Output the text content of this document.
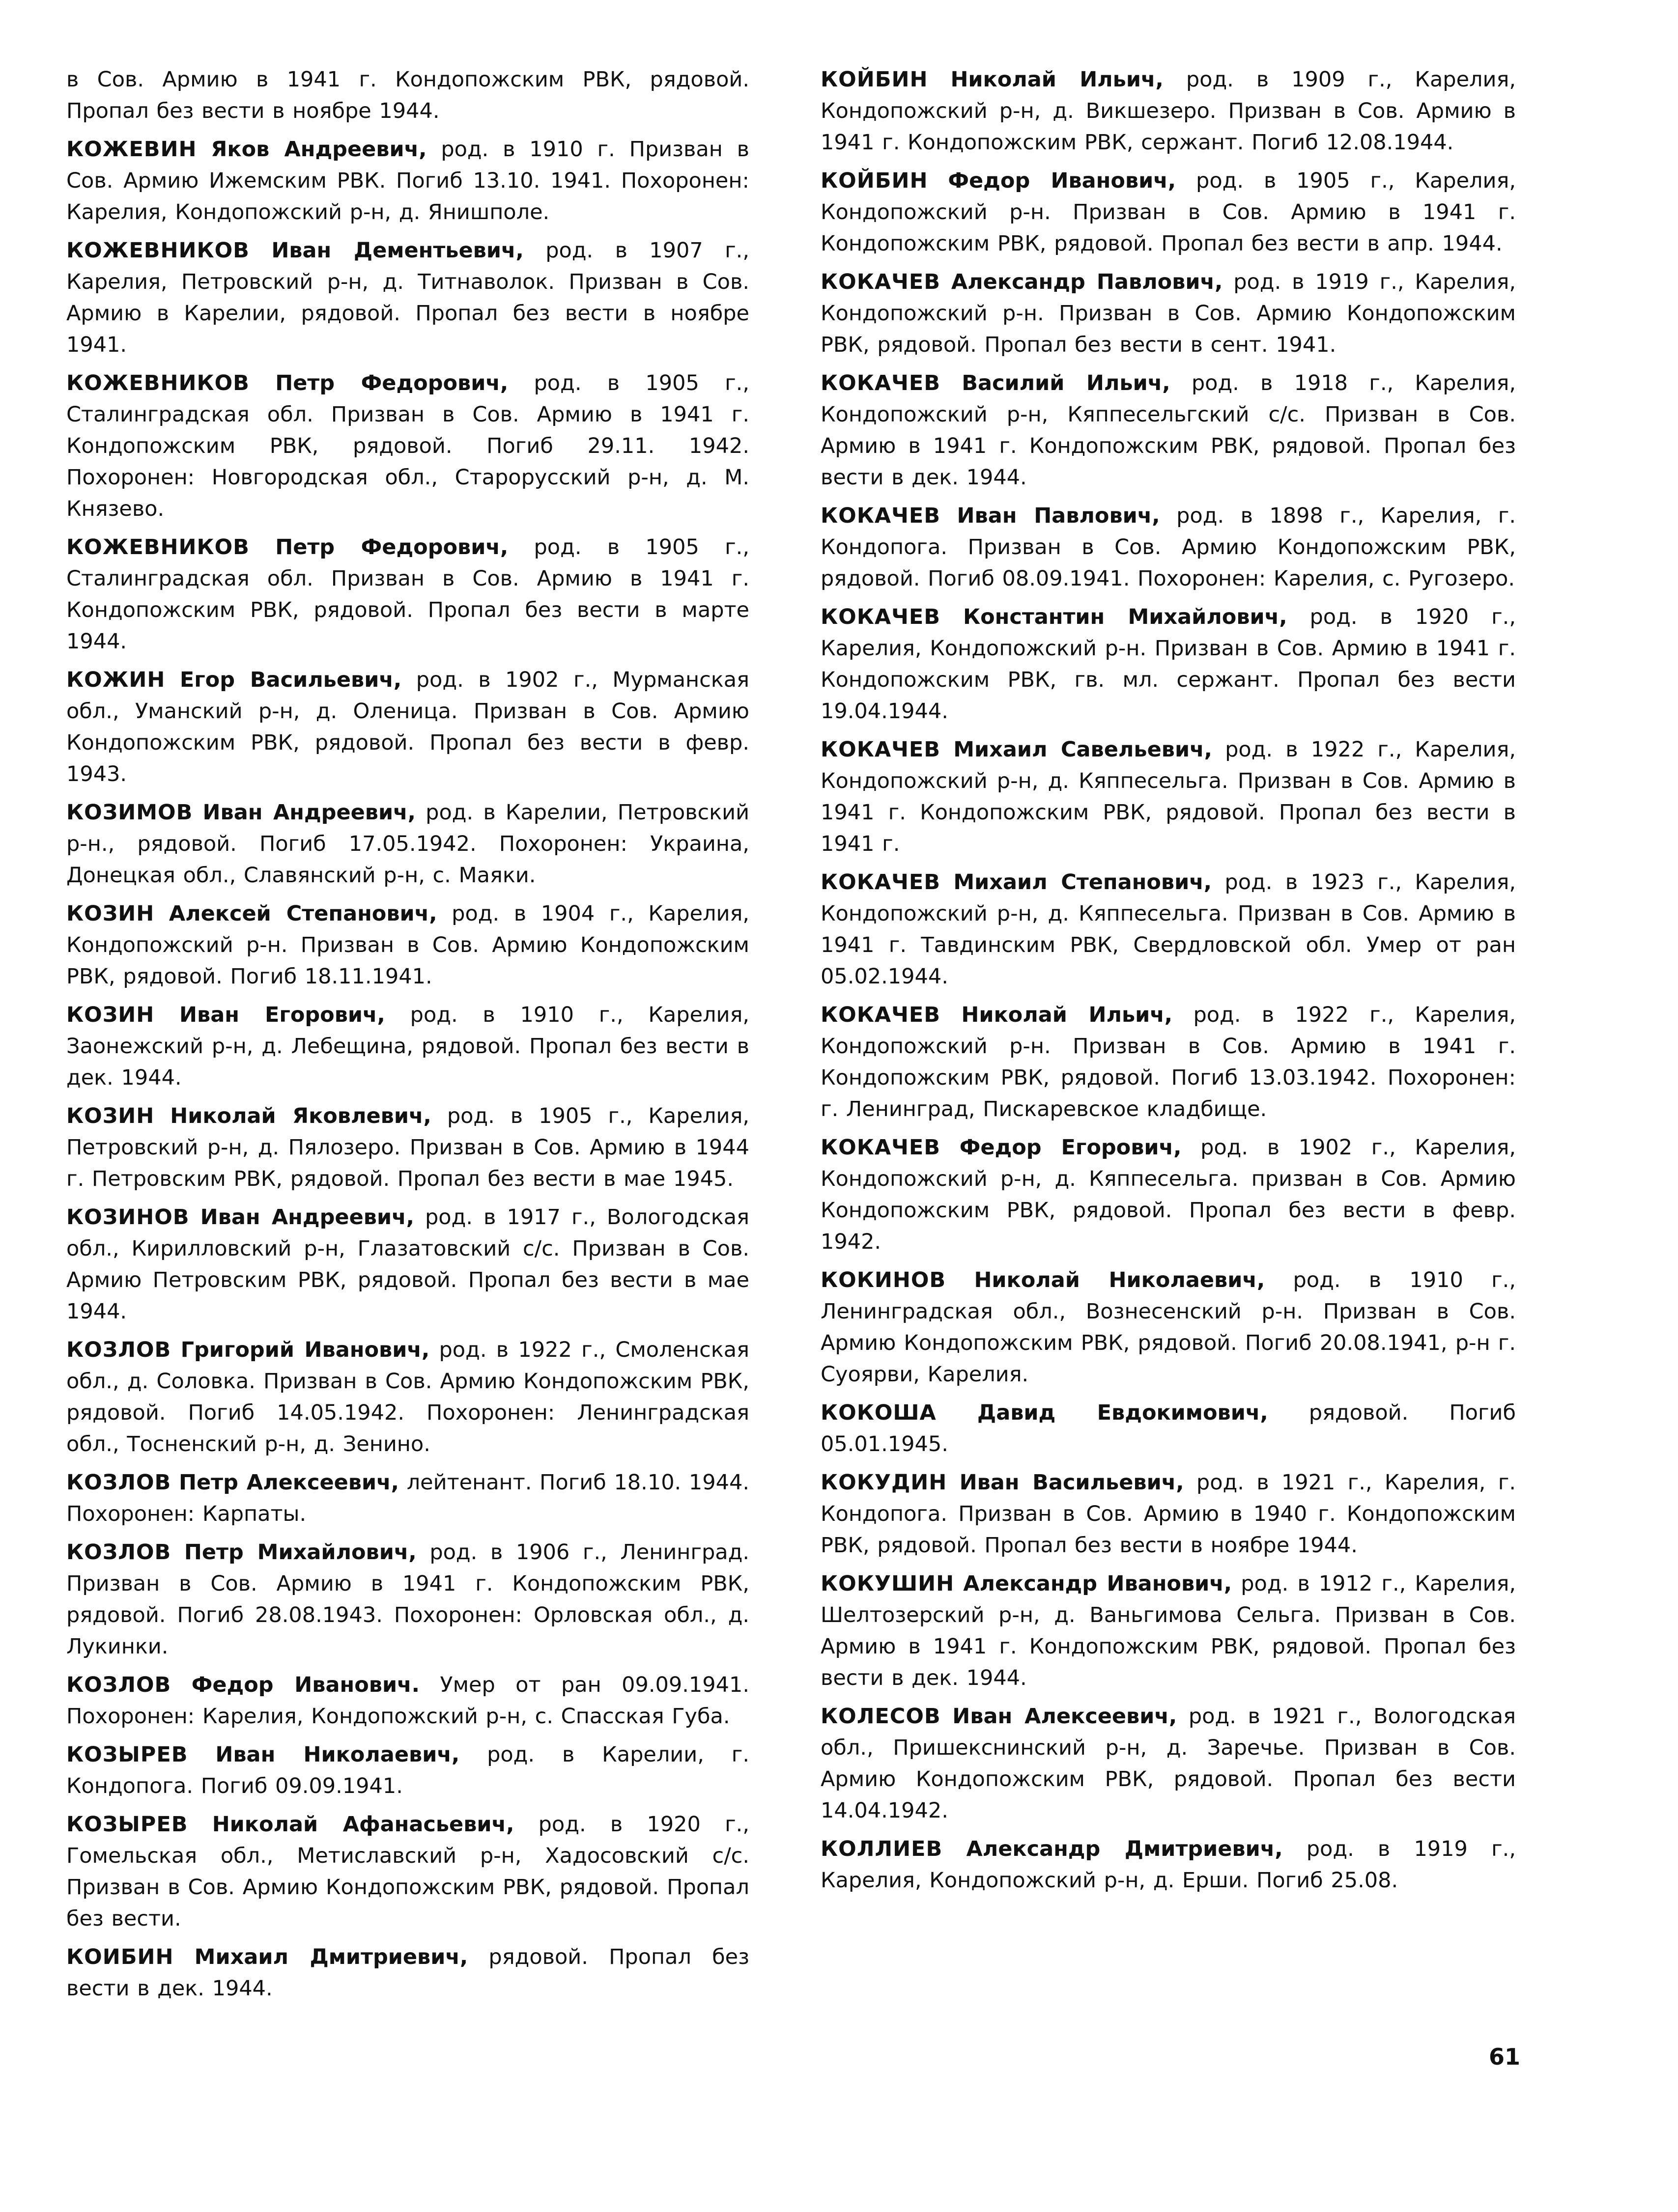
в Сов. Армию в 1941 г. Кондопожским РВК, рядовой. Пропал без вести в ноябре 1944.

КОЖЕВИН Яков Андреевич, род. в 1910 г. Призван в Сов. Армию Ижемским РВК. Погиб 13.10. 1941. Похоронен: Карелия, Кондопожский р-н, д. Янишполе.

КОЖЕВНИКОВ Иван Дементьевич, род. в 1907 г., Карелия, Петровский р-н, д. Титнаволок. Призван в Сов. Армию в Карелии, рядовой. Пропал без вести в ноябре 1941.

КОЖЕВНИКОВ Петр Федорович, род. в 1905 г., Сталинградская обл. Призван в Сов. Армию в 1941 г. Кондопожским РВК, рядовой. Погиб 29.11. 1942. Похоронен: Новгородская обл., Старорусский р-н, д. М. Князево.

КОЖЕВНИКОВ Петр Федорович, род. в 1905 г., Сталинградская обл. Призван в Сов. Армию в 1941 г. Кондопожским РВК, рядовой. Пропал без вести в марте 1944.

КОЖИН Егор Васильевич, род. в 1902 г., Мурманская обл., Уманский р-н, д. Оленица. Призван в Сов. Армию Кондопожским РВК, рядовой. Пропал без вести в февр. 1943.

КОЗИМОВ Иван Андреевич, род. в Карелии, Петровский р-н., рядовой. Погиб 17.05.1942. Похоронен: Украина, Донецкая обл., Славянский р-н, с. Маяки.

КОЗИН Алексей Степанович, род. в 1904 г., Карелия, Кондопожский р-н. Призван в Сов. Армию Кондопожским РВК, рядовой. Погиб 18.11.1941.

КОЗИН Иван Егорович, род. в 1910 г., Карелия, Заонежский р-н, д. Лебещина, рядовой. Пропал без вести в дек. 1944.

КОЗИН Николай Яковлевич, род. в 1905 г., Карелия, Петровский р-н, д. Пялозеро. Призван в Сов. Армию в 1944 г. Петровским РВК, рядовой. Пропал без вести в мае 1945.

КОЗИНОВ Иван Андреевич, род. в 1917 г., Вологодская обл., Кирилловский р-н, Глазатовский с/с. Призван в Сов. Армию Петровским РВК, рядовой. Пропал без вести в мае 1944.

КОЗЛОВ Григорий Иванович, род. в 1922 г., Смоленская обл., д. Соловка. Призван в Сов. Армию Кондопожским РВК, рядовой. Погиб 14.05.1942. Похоронен: Ленинградская обл., Тосненский р-н, д. Зенино.

КОЗЛОВ Петр Алексеевич, лейтенант. Погиб 18.10. 1944. Похоронен: Карпаты.

КОЗЛОВ Петр Михайлович, род. в 1906 г., Ленинград. Призван в Сов. Армию в 1941 г. Кондопожским РВК, рядовой. Погиб 28.08.1943. Похоронен: Орловская обл., д. Лукинки.

КОЗЛОВ Федор Иванович. Умер от ран 09.09.1941. Похоронен: Карелия, Кондопожский р-н, с. Спасская Губа.

КОЗЫРЕВ Иван Николаевич, род. в Карелии, г. Кондопога. Погиб 09.09.1941.

КОЗЫРЕВ Николай Афанасьевич, род. в 1920 г., Гомельская обл., Метиславский р-н, Хадосовский с/с. Призван в Сов. Армию Кондопожским РВК, рядовой. Пропал без вести.

КОИБИН Михаил Дмитриевич, рядовой. Пропал без вести в дек. 1944.

КОЙБИН Николай Ильич, род. в 1909 г., Карелия, Кондопожский р-н, д. Викшезеро. Призван в Сов. Армию в 1941 г. Кондопожским РВК, сержант. Погиб 12.08.1944.

КОЙБИН Федор Иванович, род. в 1905 г., Карелия, Кондопожский р-н. Призван в Сов. Армию в 1941 г. Кондопожским РВК, рядовой. Пропал без вести в апр. 1944.

КОКАЧЕВ Александр Павлович, род. в 1919 г., Карелия, Кондопожский р-н. Призван в Сов. Армию Кондопожским РВК, рядовой. Пропал без вести в сент. 1941.

КОКАЧЕВ Василий Ильич, род. в 1918 г., Карелия, Кондопожский р-н, Кяппесельгский с/с. Призван в Сов. Армию в 1941 г. Кондопожским РВК, рядовой. Пропал без вести в дек. 1944.

КОКАЧЕВ Иван Павлович, род. в 1898 г., Карелия, г. Кондопога. Призван в Сов. Армию Кондопожским РВК, рядовой. Погиб 08.09.1941. Похоронен: Карелия, с. Ругозеро.

КОКАЧЕВ Константин Михайлович, род. в 1920 г., Карелия, Кондопожский р-н. Призван в Сов. Армию в 1941 г. Кондопожским РВК, гв. мл. сержант. Пропал без вести 19.04.1944.

КОКАЧЕВ Михаил Савельевич, род. в 1922 г., Карелия, Кондопожский р-н, д. Кяппесельга. Призван в Сов. Армию в 1941 г. Кондопожским РВК, рядовой. Пропал без вести в 1941 г.

КОКАЧЕВ Михаил Степанович, род. в 1923 г., Карелия, Кондопожский р-н, д. Кяппесельга. Призван в Сов. Армию в 1941 г. Тавдинским РВК, Свердловской обл. Умер от ран 05.02.1944.

КОКАЧЕВ Николай Ильич, род. в 1922 г., Карелия, Кондопожский р-н. Призван в Сов. Армию в 1941 г. Кондопожским РВК, рядовой. Погиб 13.03.1942. Похоронен: г. Ленинград, Пискаревское кладбище.

КОКАЧЕВ Федор Егорович, род. в 1902 г., Карелия, Кондопожский р-н, д. Кяппесельга. призван в Сов. Армию Кондопожским РВК, рядовой. Пропал без вести в февр. 1942.

КОКИНОВ Николай Николаевич, род. в 1910 г., Ленинградская обл., Вознесенский р-н. Призван в Сов. Армию Кондопожским РВК, рядовой. Погиб 20.08.1941, р-н г. Суоярви, Карелия.

КОКОША Давид Евдокимович, рядовой. Погиб 05.01.1945.

КОКУДИН Иван Васильевич, род. в 1921 г., Карелия, г. Кондопога. Призван в Сов. Армию в 1940 г. Кондопожским РВК, рядовой. Пропал без вести в ноябре 1944.

КОКУШИН Александр Иванович, род. в 1912 г., Карелия, Шелтозерский р-н, д. Ваньгимова Сельга. Призван в Сов. Армию в 1941 г. Кондопожским РВК, рядовой. Пропал без вести в дек. 1944.

КОЛЕСОВ Иван Алексеевич, род. в 1921 г., Вологодская обл., Пришекснинский р-н, д. Заречье. Призван в Сов. Армию Кондопожским РВК, рядовой. Пропал без вести 14.04.1942.

КОЛЛИЕВ Александр Дмитриевич, род. в 1919 г., Карелия, Кондопожский р-н, д. Ерши. Погиб 25.08.

61
